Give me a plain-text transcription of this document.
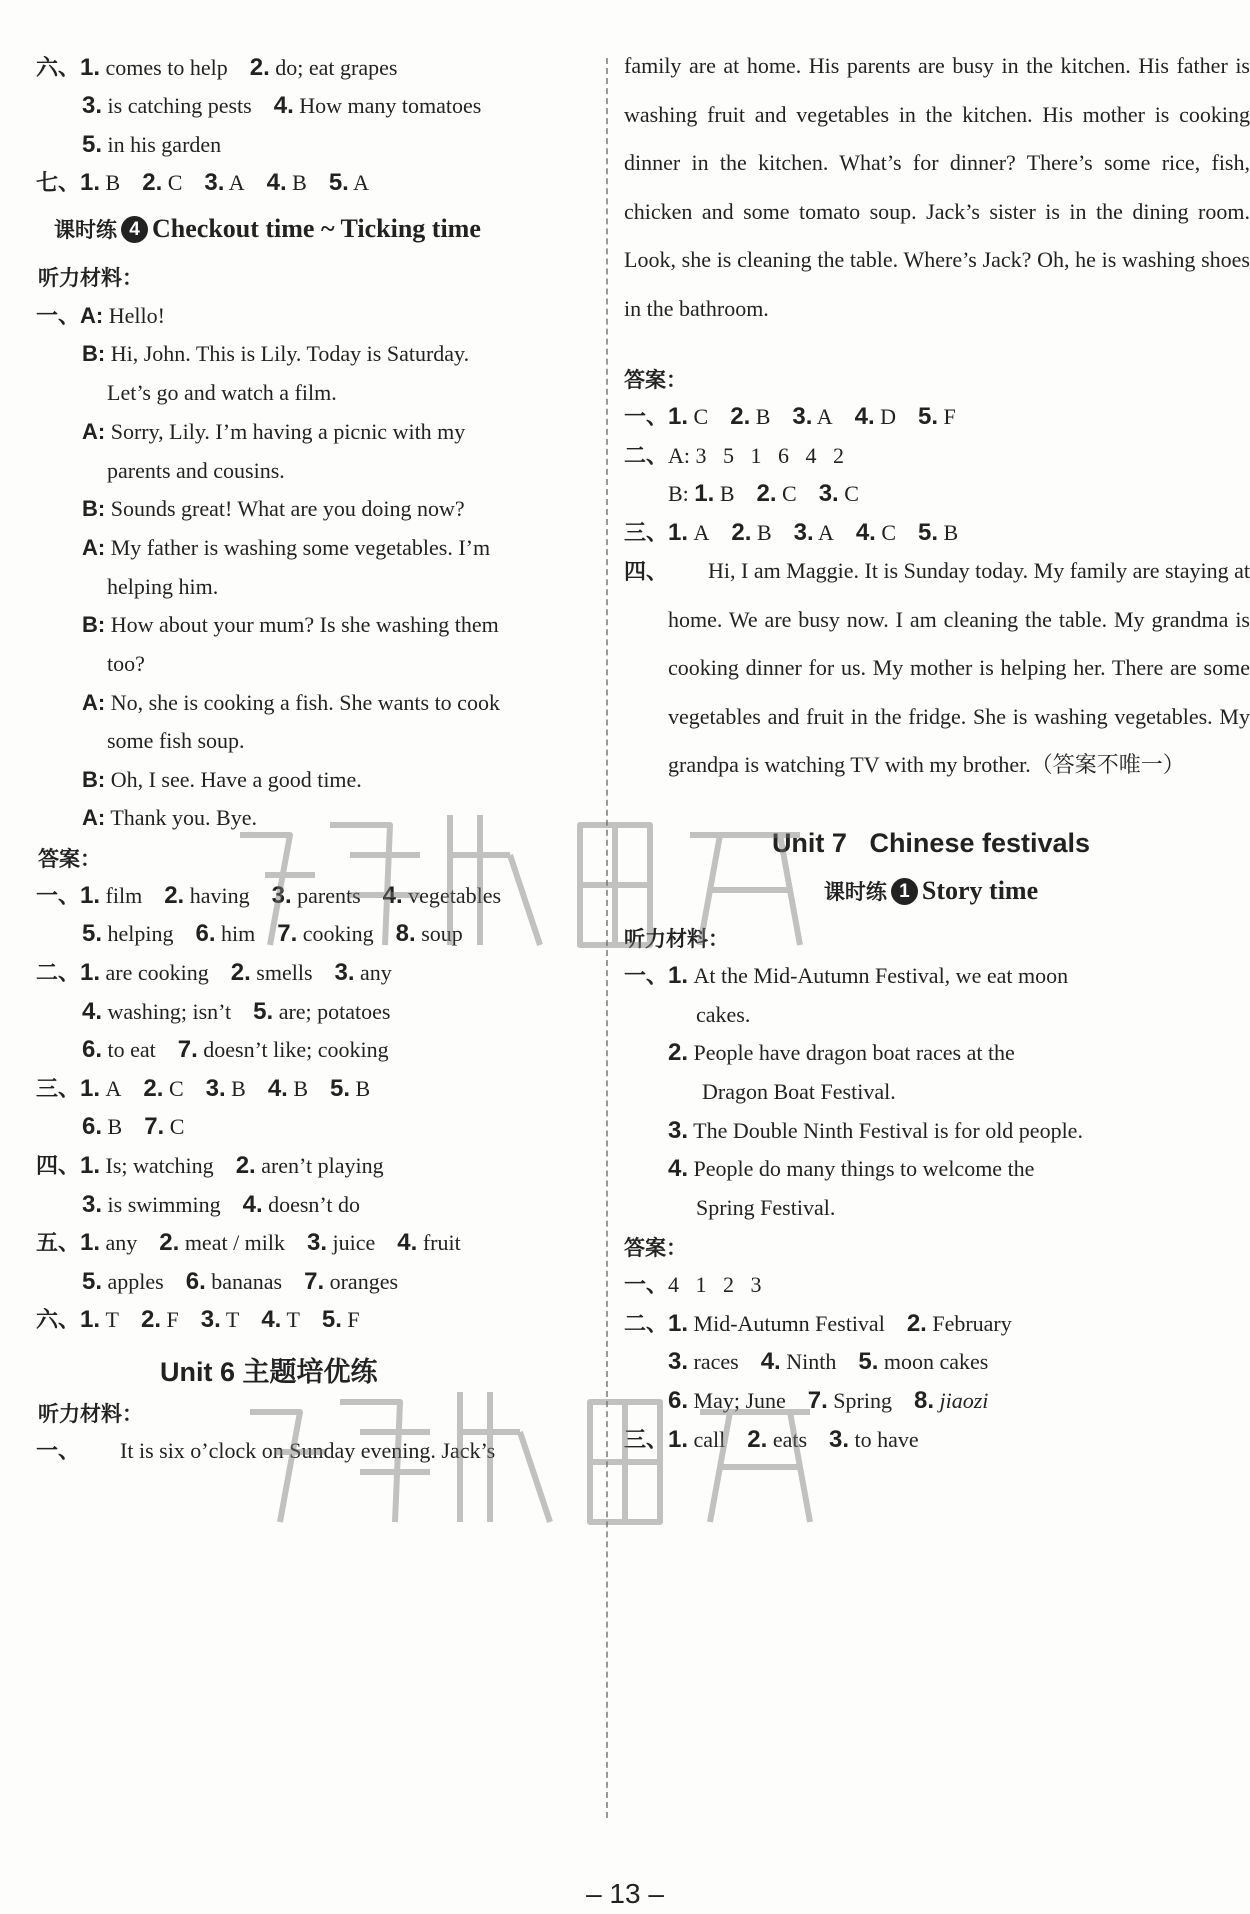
六、1. comes to help 2. do; eat grapes
3. is catching pests 4. How many tomatoes
5. in his garden
七、1. B 2. C 3. A 4. B 5. A
课时练 4 Checkout time ~ Ticking time
听力材料：
一、A: Hello!
B: Hi, John. This is Lily. Today is Saturday.
Let’s go and watch a film.
A: Sorry, Lily. I’m having a picnic with my
parents and cousins.
B: Sounds great! What are you doing now?
A: My father is washing some vegetables. I’m
helping him.
B: How about your mum? Is she washing them
too?
A: No, she is cooking a fish. She wants to cook
some fish soup.
B: Oh, I see. Have a good time.
A: Thank you. Bye.
答案：
一、1. film 2. having 3. parents 4. vegetables
5. helping 6. him 7. cooking 8. soup
二、1. are cooking 2. smells 3. any
4. washing; isn’t 5. are; potatoes
6. to eat 7. doesn’t like; cooking
三、1. A 2. C 3. B 4. B 5. B
6. B 7. C
四、1. Is; watching 2. aren’t playing
3. is swimming 4. doesn’t do
五、1. any 2. meat / milk 3. juice 4. fruit
5. apples 6. bananas 7. oranges
六、1. T 2. F 3. T 4. T 5. F
Unit 6 主题培优练
听力材料：
一、 It is six o’clock on Sunday evening. Jack’s
family are at home. His parents are busy in the kitchen. His father is washing fruit and vegetables in the kitchen. His mother is cooking dinner in the kitchen. What’s for dinner? There’s some rice, fish, chicken and some tomato soup. Jack’s sister is in the dining room. Look, she is cleaning the table. Where’s Jack? Oh, he is washing shoes in the bathroom.
答案：
一、1. C 2. B 3. A 4. D 5. F
二、A: 3   5   1   6   4   2
B: 1. B 2. C 3. C
三、1. A 2. B 3. A 4. C 5. B
四、	Hi, I am Maggie. It is Sunday today. My family are staying at home. We are busy now. I am cleaning the table. My grandma is cooking dinner for us. My mother is helping her. There are some vegetables and fruit in the fridge. She is washing vegetables. My grandpa is watching TV with my brother.（答案不唯一）
Unit 7   Chinese festivals
课时练 1 Story time
听力材料：
一、1. At the Mid-Autumn Festival, we eat moon
cakes.
2. People have dragon boat races at the
Dragon Boat Festival.
3. The Double Ninth Festival is for old people.
4. People do many things to welcome the
Spring Festival.
答案：
一、4   1   2   3
二、1. Mid-Autumn Festival 2. February
3. races 4. Ninth 5. moon cakes
6. May; June 7. Spring 8. jiaozi
三、1. call 2. eats 3. to have
– 13 –
